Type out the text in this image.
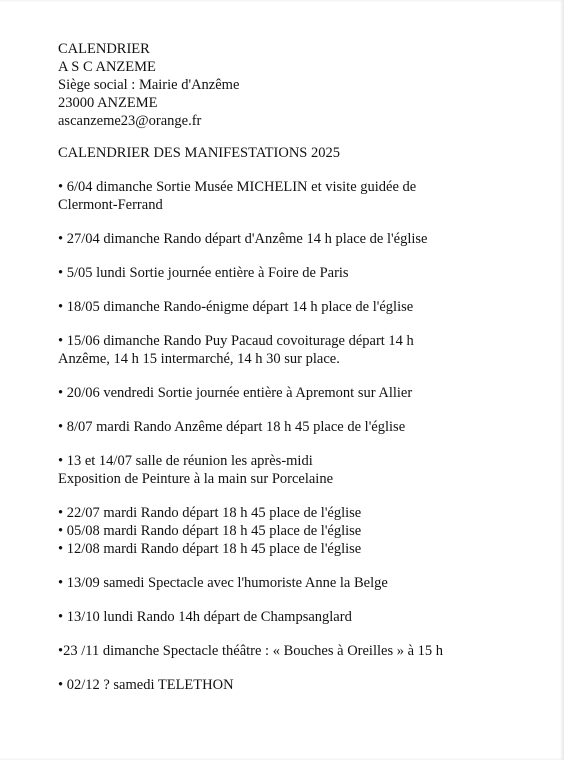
CALENDRIER
A S C ANZEME
Siège social : Mairie d'Anzême
23000 ANZEME
ascanzeme23@orange.fr
CALENDRIER DES MANIFESTATIONS 2025
• 6/04 dimanche Sortie Musée MICHELIN et visite guidée de
Clermont-Ferrand
• 27/04 dimanche Rando départ d'Anzême 14 h place de l'église
• 5/05 lundi Sortie journée entière à Foire de Paris
• 18/05 dimanche Rando-énigme départ 14 h place de l'église
• 15/06 dimanche Rando Puy Pacaud covoiturage départ 14 h
Anzême, 14 h 15 intermarché, 14 h 30 sur place.
• 20/06 vendredi Sortie journée entière à Apremont sur Allier
• 8/07 mardi Rando Anzême départ 18 h 45 place de l'église
• 13 et 14/07 salle de réunion les après-midi
Exposition de Peinture à la main sur Porcelaine
• 22/07 mardi Rando départ 18 h 45 place de l'église
• 05/08 mardi Rando départ 18 h 45 place de l'église
• 12/08 mardi Rando départ 18 h 45 place de l'église
• 13/09 samedi Spectacle avec l'humoriste Anne la Belge
• 13/10 lundi Rando 14h départ de Champsanglard
•23 /11 dimanche Spectacle théâtre : « Bouches à Oreilles » à 15 h
• 02/12 ? samedi TELETHON
